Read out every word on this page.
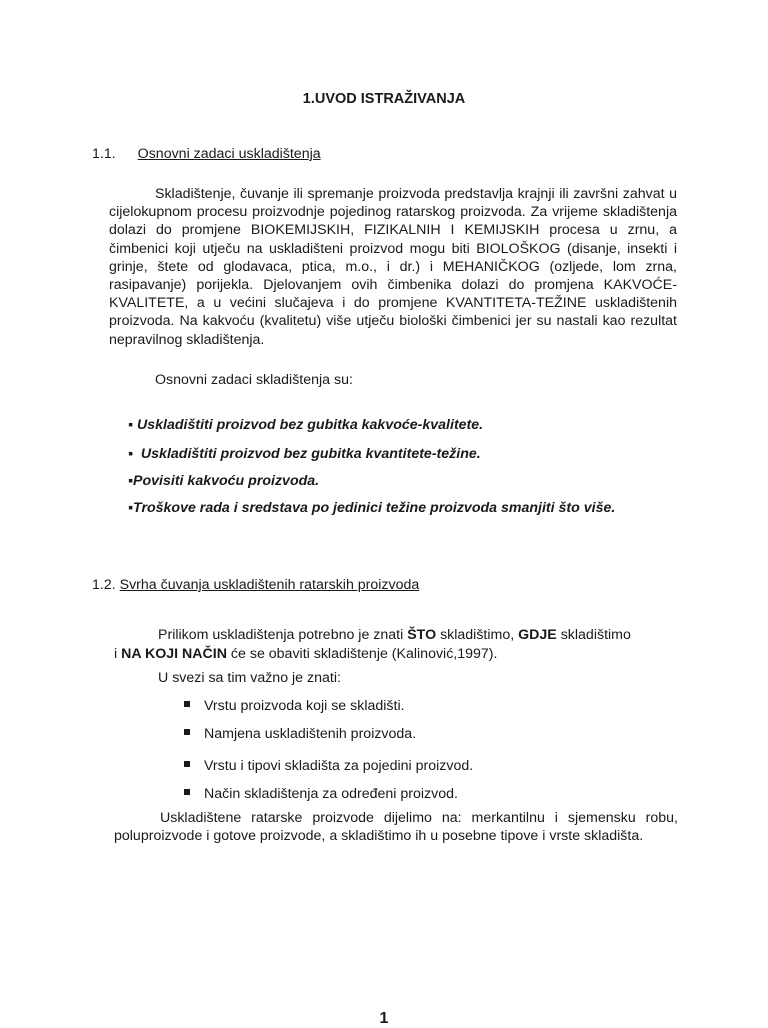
1.UVOD ISTRAŽIVANJA
1.1. Osnovni zadaci uskladištenja
Skladištenje, čuvanje ili spremanje proizvoda predstavlja krajnji ili završni zahvat u cijelokupnom procesu proizvodnje pojedinog ratarskog proizvoda. Za vrijeme skladištenja dolazi do promjene BIOKEMIJSKIH, FIZIKALNIH I KEMIJSKIH procesa u zrnu, a čimbenici koji utječu na uskladišteni proizvod mogu biti BIOLOŠKOG (disanje, insekti i grinje, štete od glodavaca, ptica, m.o., i dr.) i MEHANIČKOG (ozljede, lom zrna, rasipavanje) porijekla. Djelovanjem ovih čimbenika dolazi do promjena KAKVOĆE-KVALITETE, a u većini slučajeva i do promjene KVANTITETA-TEŽINE uskladištenih proizvoda. Na kakvoću (kvalitetu) više utječu biološki čimbenici jer su nastali kao rezultat nepravilnog skladištenja.
Osnovni zadaci skladištenja su:
▪ Uskladištiti proizvod bez gubitka kakvoće-kvalitete.
▪ Uskladištiti proizvod bez gubitka kvantitete-težine.
▪Povisiti kakvoću proizvoda.
▪Troškove rada i sredstava po jedinici težine proizvoda smanjiti što više.
1.2. Svrha čuvanja uskladištenih ratarskih proizvoda
Prilikom uskladištenja potrebno je znati ŠTO skladištimo, GDJE skladištimo
i NA KOJI NAČIN će se obaviti skladištenje (Kalinović,1997).
U svezi sa tim važno je znati:
Vrstu proizvoda koji se skladišti.
Namjena uskladištenih proizvoda.
Vrstu i tipovi skladišta za pojedini proizvod.
Način skladištenja za određeni proizvod.
Uskladištene ratarske proizvode dijelimo na: merkantilnu i sjemensku robu, poluproizvode i gotove proizvode, a skladištimo ih u posebne tipove i vrste skladišta.
1
